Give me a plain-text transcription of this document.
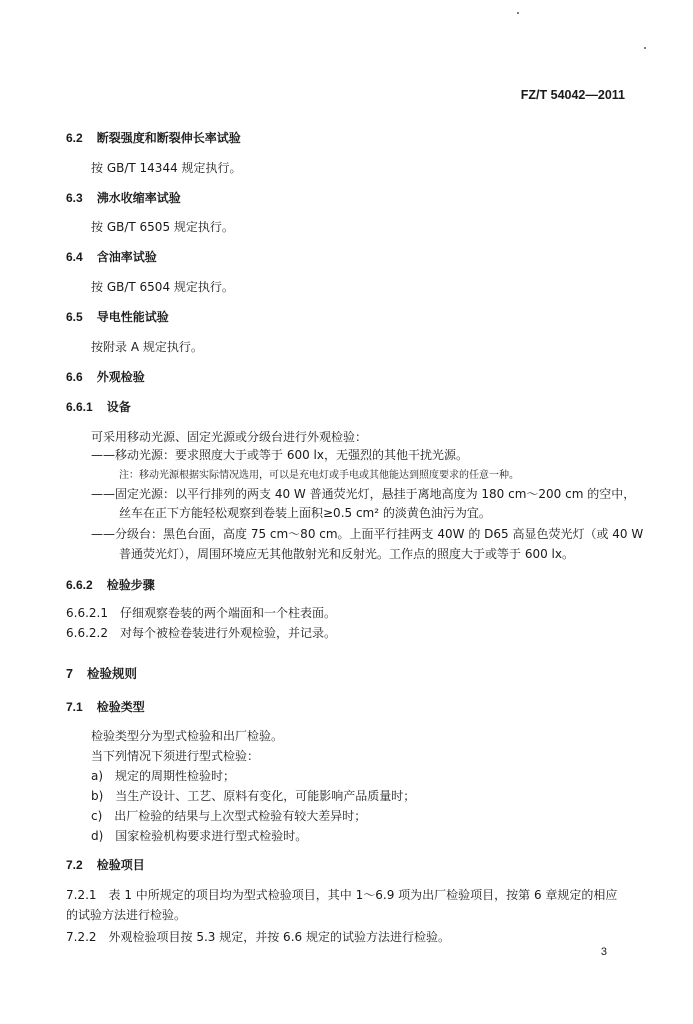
FZ/T 54042—2011
6.2 断裂强度和断裂伸长率试验
按 GB/T 14344 规定执行。
6.3 沸水收缩率试验
按 GB/T 6505 规定执行。
6.4 含油率试验
按 GB/T 6504 规定执行。
6.5 导电性能试验
按附录 A 规定执行。
6.6 外观检验
6.6.1 设备
可采用移动光源、固定光源或分级台进行外观检验：
——移动光源：要求照度大于或等于 600 lx，无强烈的其他干扰光源。
注：移动光源根据实际情况选用，可以是充电灯或手电或其他能达到照度要求的任意一种。
——固定光源：以平行排列的两支 40 W 普通荧光灯，悬挂于离地高度为 180 cm～200 cm 的空中，
丝车在正下方能轻松观察到卷装上面积≥0.5 cm² 的淡黄色油污为宜。
——分级台：黑色台面，高度 75 cm～80 cm。上面平行挂两支 40W 的 D65 高显色荧光灯（或 40 W
普通荧光灯），周围环境应无其他散射光和反射光。工作点的照度大于或等于 600 lx。
6.6.2 检验步骤
6.6.2.1　仔细观察卷装的两个端面和一个柱表面。
6.6.2.2　对每个被检卷装进行外观检验，并记录。
7 检验规则
7.1 检验类型
检验类型分为型式检验和出厂检验。
当下列情况下须进行型式检验：
a)　规定的周期性检验时；
b)　当生产设计、工艺、原料有变化，可能影响产品质量时；
c)　出厂检验的结果与上次型式检验有较大差异时；
d)　国家检验机构要求进行型式检验时。
7.2 检验项目
7.2.1　表 1 中所规定的项目均为型式检验项目，其中 1～6.9 项为出厂检验项目，按第 6 章规定的相应
的试验方法进行检验。
7.2.2　外观检验项目按 5.3 规定，并按 6.6 规定的试验方法进行检验。
3
